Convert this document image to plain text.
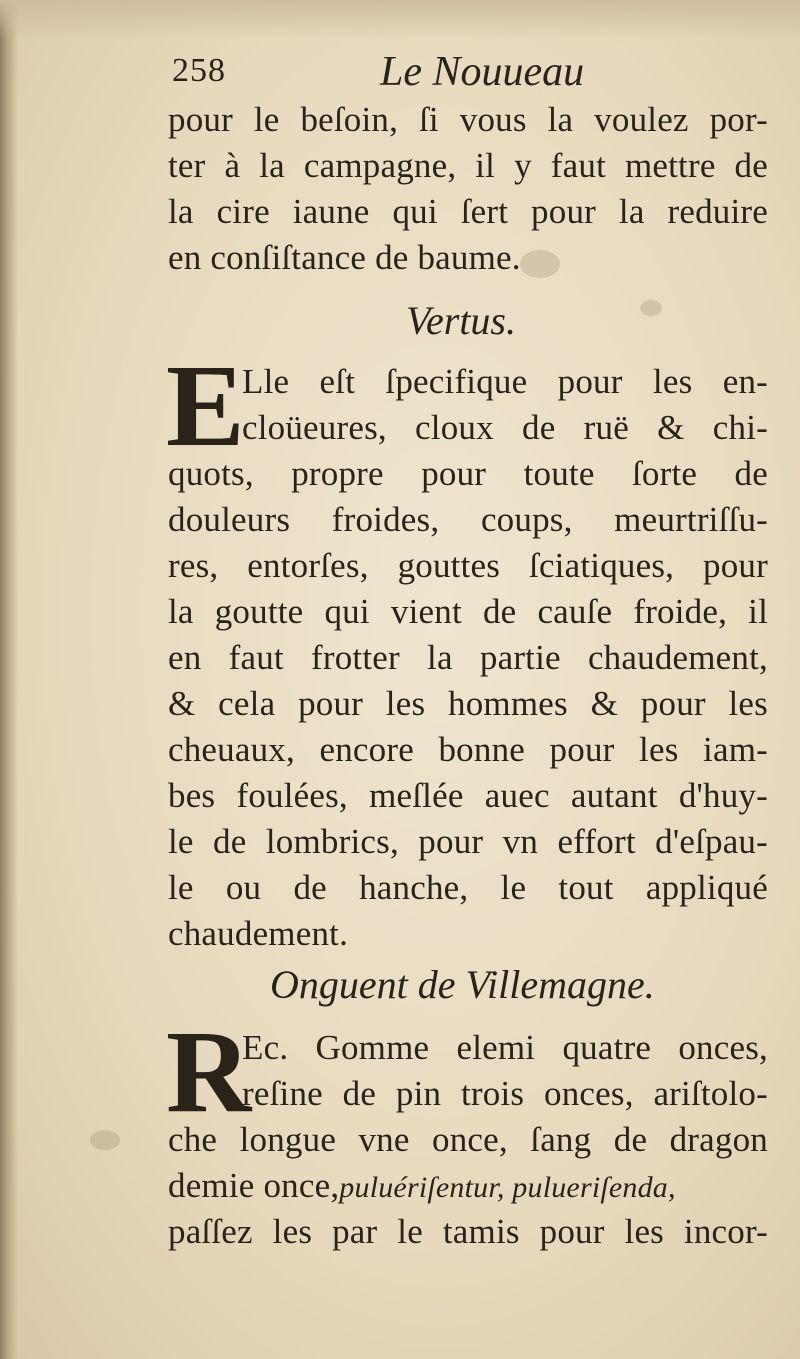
258	Le Nouueau
pour le beſoin, ſi vous la voulez por-
ter à la campagne, il y faut mettre de
la cire iaune qui ſert pour la reduire
en conſiſtance de baume.
Vertus.
E
Lle eſt ſpecifique pour les en-
cloüeures, cloux de ruë & chi-
quots, propre pour toute ſorte de
douleurs froides, coups, meurtriſſu-
res, entorſes, gouttes ſciatiques, pour
la goutte qui vient de cauſe froide, il
en faut frotter la partie chaudement,
& cela pour les hommes & pour les
cheuaux, encore bonne pour les iam-
bes foulées, meſlée auec autant d'huy-
le de lombrics, pour vn effort d'eſpau-
le ou de hanche, le tout appliqué
chaudement.
Onguent de Villemagne.
R
Ec. Gomme elemi quatre onces,
reſine de pin trois onces, ariſtolo-
che longue vne once, ſang de dragon
demie once,puluériſentur, pulueriſenda,
paſſez les par le tamis pour les incor-
